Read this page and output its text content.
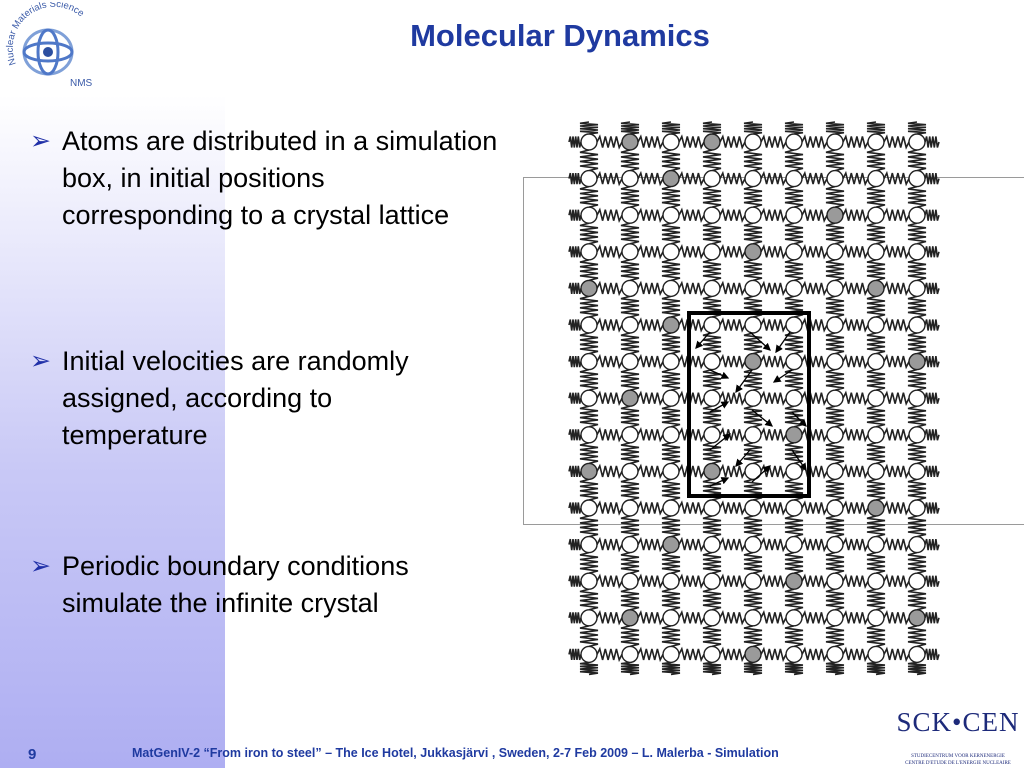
Nuclear Materials Science
NMS
Molecular Dynamics
➢ Atoms are distributed in a simulation box, in initial positions corresponding to a crystal lattice
➢ Initial velocities are randomly assigned, according to temperature
➢ Periodic boundary conditions simulate the infinite crystal
9	MatGenIV-2 “From iron to steel” – The Ice Hotel, Jukkasjärvi , Sweden, 2-7 Feb 2009 – L. Malerba - Simulation
SCK•CEN
STUDIECENTRUM VOOR KERNENERGIE
CENTRE D'ETUDE DE L'ENERGIE NUCLEAIRE
